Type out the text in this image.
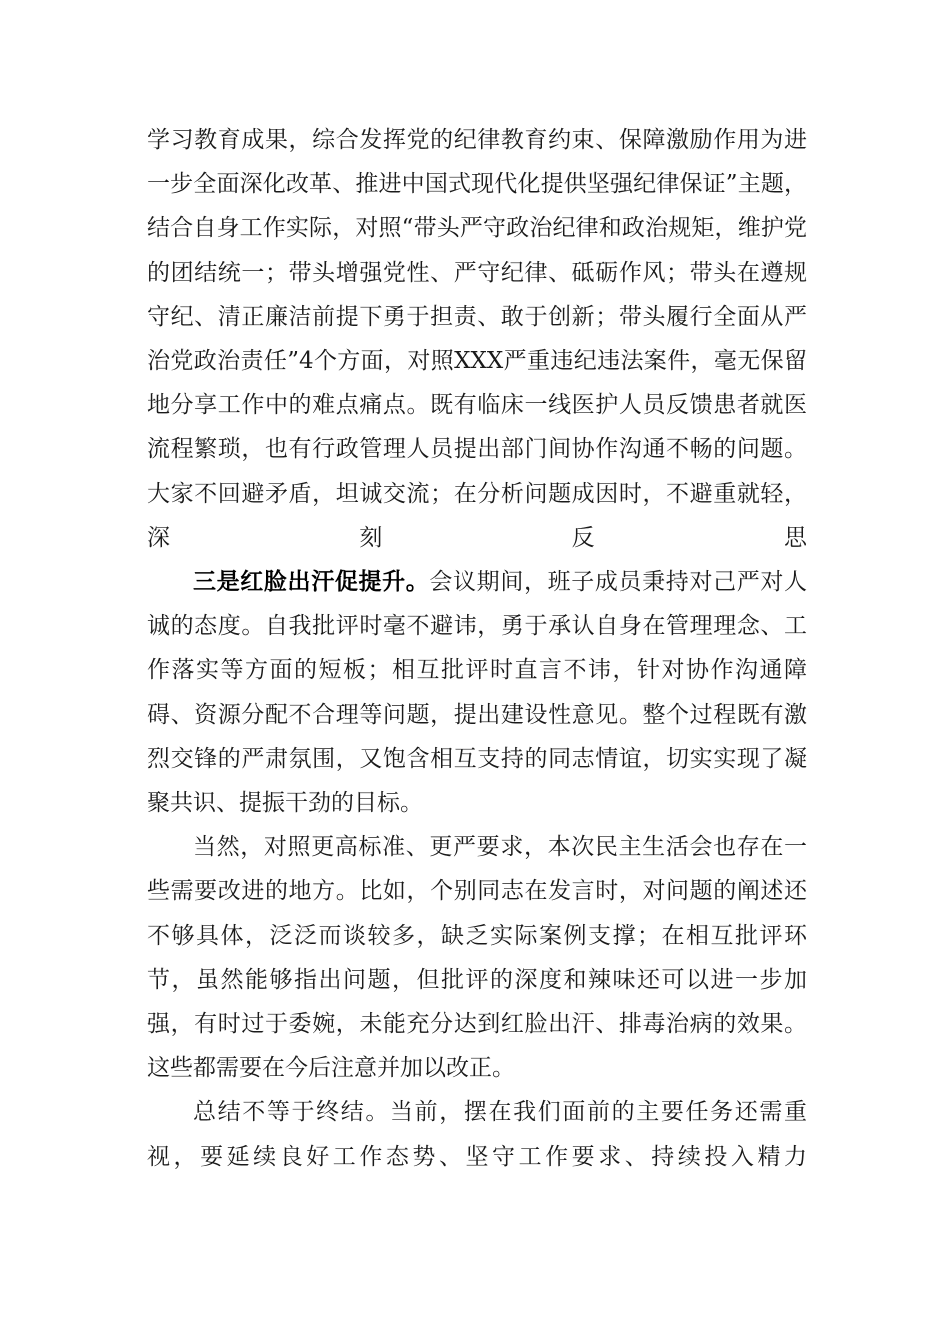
学习教育成果，综合发挥党的纪律教育约束、保障激励作用为进一步全面深化改革、推进中国式现代化提供坚强纪律保证”主题，结合自身工作实际，对照“带头严守政治纪律和政治规矩，维护党的团结统一；带头增强党性、严守纪律、砥砺作风；带头在遵规守纪、清正廉洁前提下勇于担责、敢于创新；带头履行全面从严治党政治责任”4个方面，对照XXX严重违纪违法案件，毫无保留地分享工作中的难点痛点。既有临床一线医护人员反馈患者就医流程繁琐，也有行政管理人员提出部门间协作沟通不畅的问题。大家不回避矛盾，坦诚交流；在分析问题成因时，不避重就轻，深刻反思

三是红脸出汗促提升。会议期间，班子成员秉持对己严对人诚的态度。自我批评时毫不避讳，勇于承认自身在管理理念、工作落实等方面的短板；相互批评时直言不讳，针对协作沟通障碍、资源分配不合理等问题，提出建设性意见。整个过程既有激烈交锋的严肃氛围，又饱含相互支持的同志情谊，切实实现了凝聚共识、提振干劲的目标。

当然，对照更高标准、更严要求，本次民主生活会也存在一些需要改进的地方。比如，个别同志在发言时，对问题的阐述还不够具体，泛泛而谈较多，缺乏实际案例支撑；在相互批评环节，虽然能够指出问题，但批评的深度和辣味还可以进一步加强，有时过于委婉，未能充分达到红脸出汗、排毒治病的效果。这些都需要在今后注意并加以改正。

总结不等于终结。当前，摆在我们面前的主要任务还需重视，要延续良好工作态势、坚守工作要求、持续投入精力
